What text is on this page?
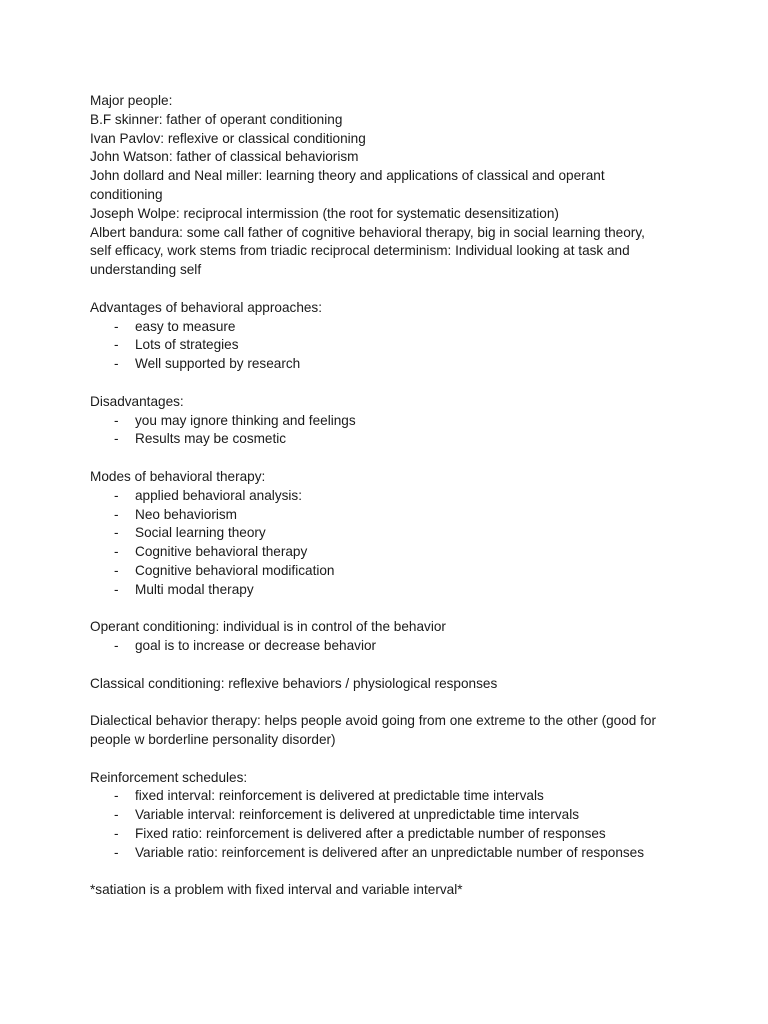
Major people:
B.F skinner: father of operant conditioning
Ivan Pavlov: reflexive or classical conditioning
John Watson: father of classical behaviorism
John dollard and Neal miller: learning theory and applications of classical and operant conditioning
Joseph Wolpe: reciprocal intermission (the root for systematic desensitization)
Albert bandura: some call father of cognitive behavioral therapy, big in social learning theory, self efficacy, work stems from triadic reciprocal determinism: Individual looking at task and understanding self
Advantages of behavioral approaches:
- easy to measure
- Lots of strategies
- Well supported by research
Disadvantages:
- you may ignore thinking and feelings
- Results may be cosmetic
Modes of behavioral therapy:
- applied behavioral analysis:
- Neo behaviorism
- Social learning theory
- Cognitive behavioral therapy
- Cognitive behavioral modification
- Multi modal therapy
Operant conditioning: individual is in control of the behavior
- goal is to increase or decrease behavior
Classical conditioning: reflexive behaviors / physiological responses
Dialectical behavior therapy: helps people avoid going from one extreme to the other (good for people w borderline personality disorder)
Reinforcement schedules:
- fixed interval: reinforcement is delivered at predictable time intervals
- Variable interval: reinforcement is delivered at unpredictable time intervals
- Fixed ratio: reinforcement is delivered after a predictable number of responses
- Variable ratio: reinforcement is delivered after an unpredictable number of responses
*satiation is a problem with fixed interval and variable interval*
